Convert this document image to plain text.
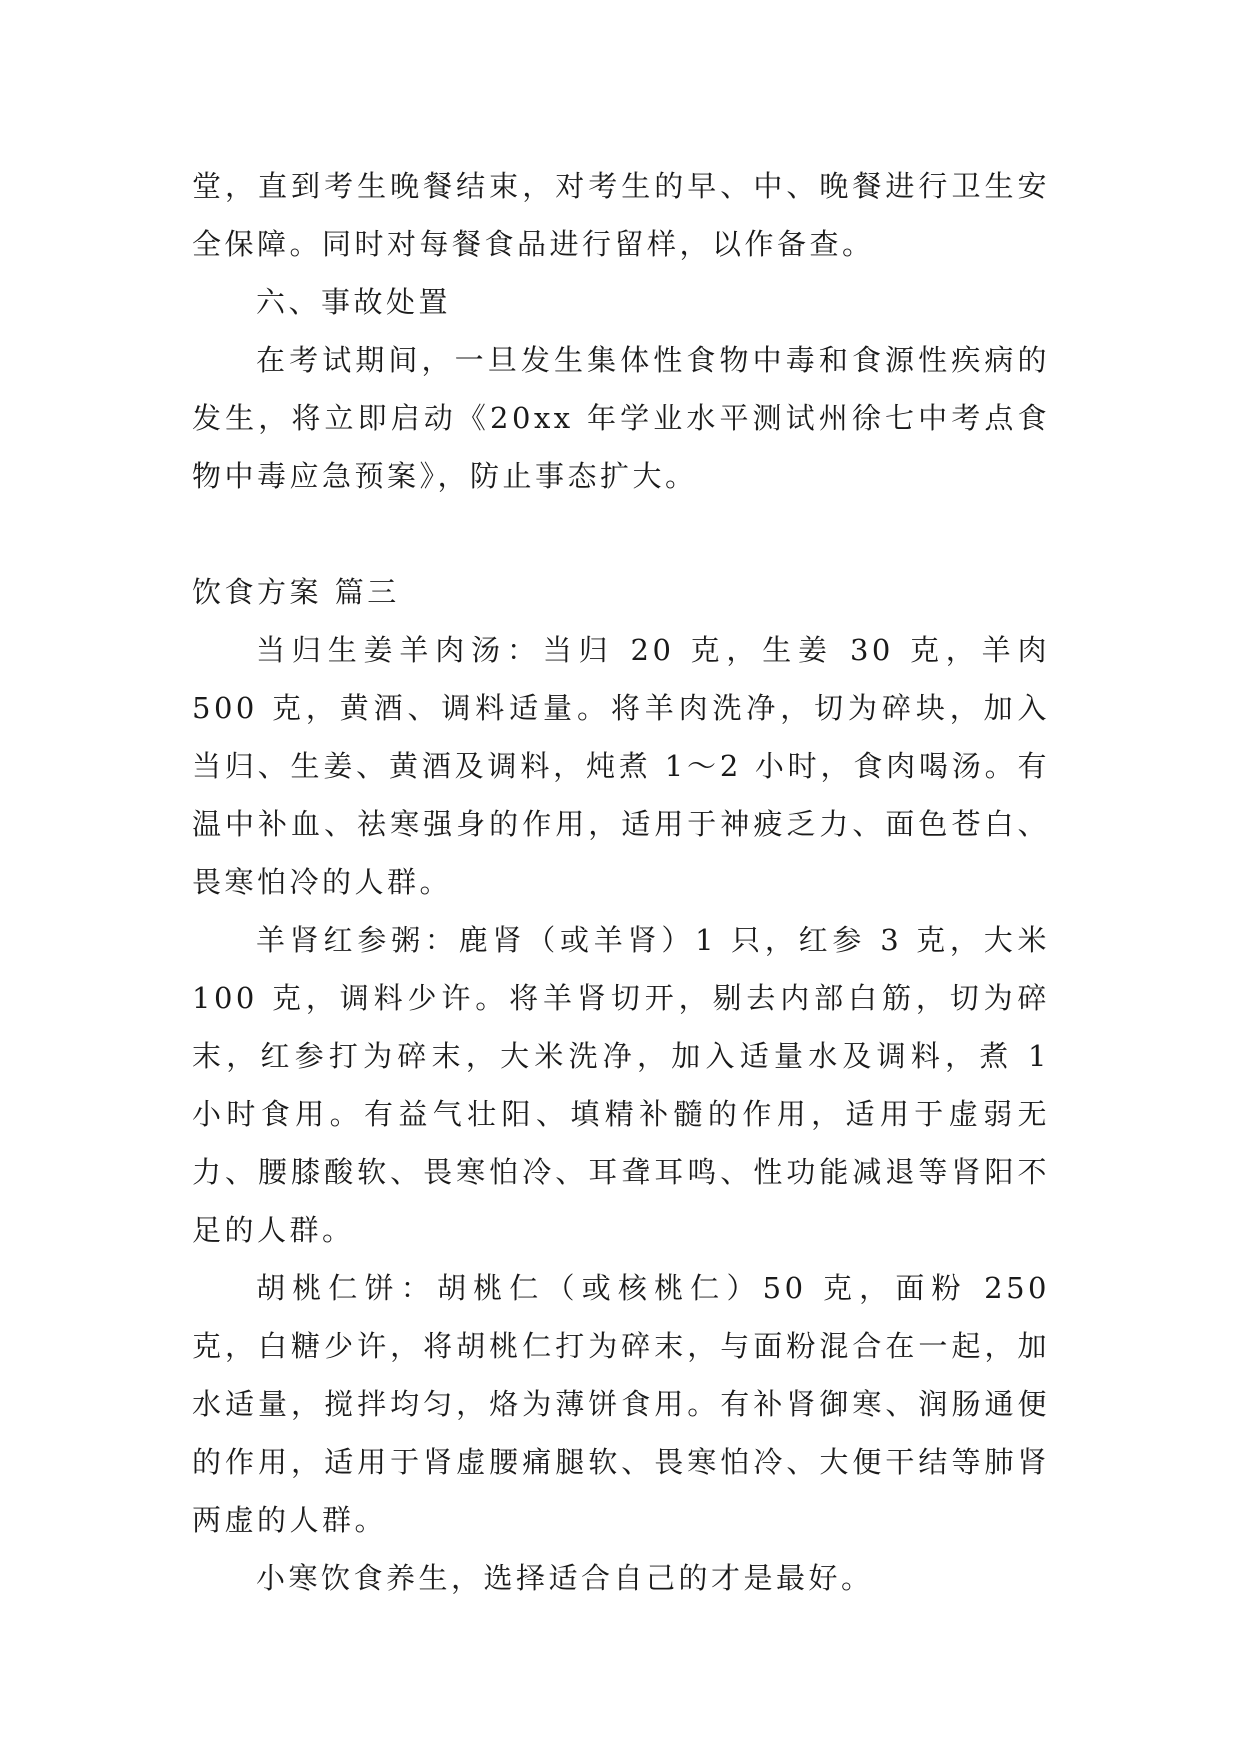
堂，直到考生晚餐结束，对考生的早、中、晚餐进行卫生安全保障。同时对每餐食品进行留样，以作备查。

六、事故处置

在考试期间，一旦发生集体性食物中毒和食源性疾病的发生，将立即启动《20xx 年学业水平测试州徐七中考点食物中毒应急预案》，防止事态扩大。

饮食方案 篇三

当归生姜羊肉汤：当归 20 克，生姜 30 克，羊肉 500 克，黄酒、调料适量。将羊肉洗净，切为碎块，加入当归、生姜、黄酒及调料，炖煮 1～2 小时，食肉喝汤。有温中补血、祛寒强身的作用，适用于神疲乏力、面色苍白、畏寒怕冷的人群。

羊肾红参粥：鹿肾（或羊肾）1 只，红参 3 克，大米 100 克，调料少许。将羊肾切开，剔去内部白筋，切为碎末，红参打为碎末，大米洗净，加入适量水及调料，煮 1 小时食用。有益气壮阳、填精补髓的作用，适用于虚弱无力、腰膝酸软、畏寒怕冷、耳聋耳鸣、性功能减退等肾阳不足的人群。

胡桃仁饼：胡桃仁（或核桃仁）50 克，面粉 250 克，白糖少许，将胡桃仁打为碎末，与面粉混合在一起，加水适量，搅拌均匀，烙为薄饼食用。有补肾御寒、润肠通便的作用，适用于肾虚腰痛腿软、畏寒怕冷、大便干结等肺肾两虚的人群。

小寒饮食养生，选择适合自己的才是最好。
